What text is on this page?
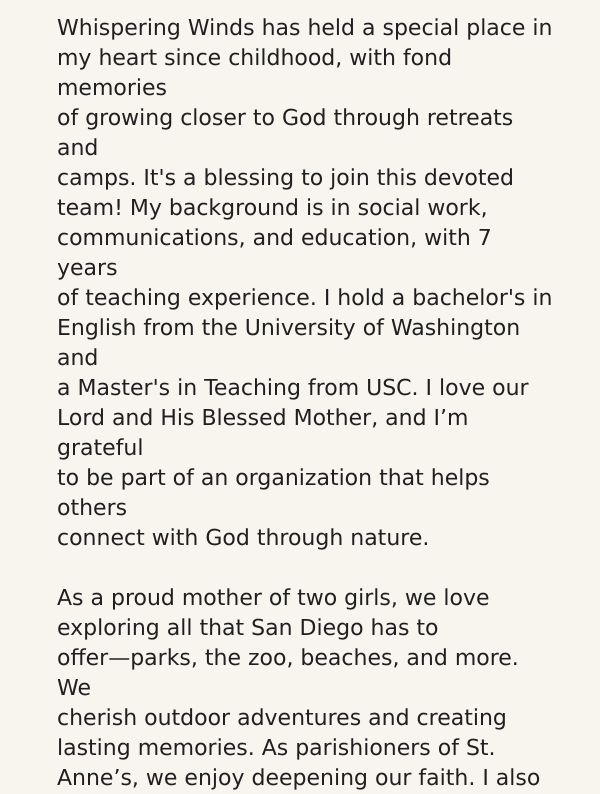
Whispering Winds has held a special place in
my heart since childhood, with fond memories
of growing closer to God through retreats and
camps. It's a blessing to join this devoted
team! My background is in social work,
communications, and education, with 7 years
of teaching experience. I hold a bachelor's in
English from the University of Washington and
a Master's in Teaching from USC. I love our
Lord and His Blessed Mother, and I’m grateful
to be part of an organization that helps others
connect with God through nature.

As a proud mother of two girls, we love
exploring all that San Diego has to
offer—parks, the zoo, beaches, and more. We
cherish outdoor adventures and creating
lasting memories. As parishioners of St.
Anne’s, we enjoy deepening our faith. I also
